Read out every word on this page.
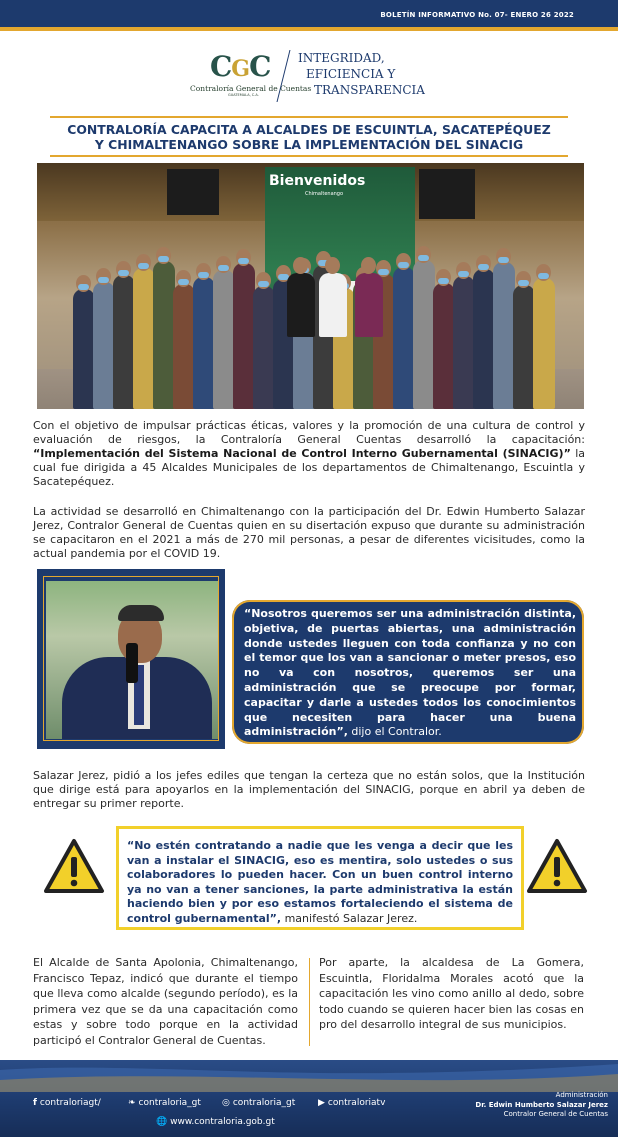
BOLETÍN INFORMATIVO No. 07- ENERO 26 2022
CGC
Contraloría General de Cuentas
GUATEMALA, C.A.
INTEGRIDAD,
EFICIENCIA Y
TRANSPARENCIA
CONTRALORÍA CAPACITA A ALCALDES DE ESCUINTLA, SACATEPÉQUEZ
Y CHIMALTENANGO SOBRE LA IMPLEMENTACIÓN DEL SINACIG
Bienvenidos
Chimaltenango
Con el objetivo de impulsar prácticas éticas, valores y la promoción de una cultura de control y evaluación de riesgos, la Contraloría General Cuentas desarrolló la capacitación: “Implementación del Sistema Nacional de Control Interno Gubernamental (SINACIG)” la cual fue dirigida a 45 Alcaldes Municipales de los departamentos de Chimaltenango, Escuintla y Sacatepéquez.
La actividad se desarrolló en Chimaltenango con la participación del Dr. Edwin Humberto Salazar Jerez, Contralor General de Cuentas quien en su disertación expuso que durante su administración se capacitaron en el 2021 a más de 270 mil personas, a pesar de diferentes vicisitudes, como la actual pandemia por el COVID 19.
“Nosotros queremos ser una administración distinta, objetiva, de puertas abiertas, una administración donde ustedes lleguen con toda confianza y no con el temor que los van a sancionar o meter presos, eso no va con nosotros, queremos ser una administración que se preocupe por formar, capacitar y darle a ustedes todos los conocimientos que necesiten para hacer una buena administración”, dijo el Contralor.
Salazar Jerez, pidió a los jefes ediles que tengan la certeza que no están solos, que la Institución que dirige está para apoyarlos en la implementación del SINACIG, porque en abril ya deben de entregar su primer reporte.
“No estén contratando a nadie que les venga a decir que les van a instalar el SINACIG, eso es mentira, solo ustedes o sus colaboradores lo pueden hacer. Con un buen control interno ya no van a tener sanciones, la parte administrativa la están haciendo bien y por eso estamos fortaleciendo el sistema de control gubernamental”, manifestó Salazar Jerez.
El Alcalde de Santa Apolonia, Chimaltenango, Francisco Tepaz, indicó que durante el tiempo que lleva como alcalde (segundo período), es la primera vez que se da una capacitación como estas y sobre todo porque en la actividad participó el Contralor General de Cuentas.
Por aparte, la alcaldesa de La Gomera, Escuintla, Floridalma Morales acotó que la capacitación les vino como anillo al dedo, sobre todo cuando se quieren hacer bien las cosas en pro del desarrollo integral de sus municipios.
f contraloriagt/	❧ contraloria_gt ◎ contraloria_gt	▶ contraloriatv
🌐 www.contraloria.gob.gt
Administración
Dr. Edwin Humberto Salazar Jerez
Contralor General de Cuentas
